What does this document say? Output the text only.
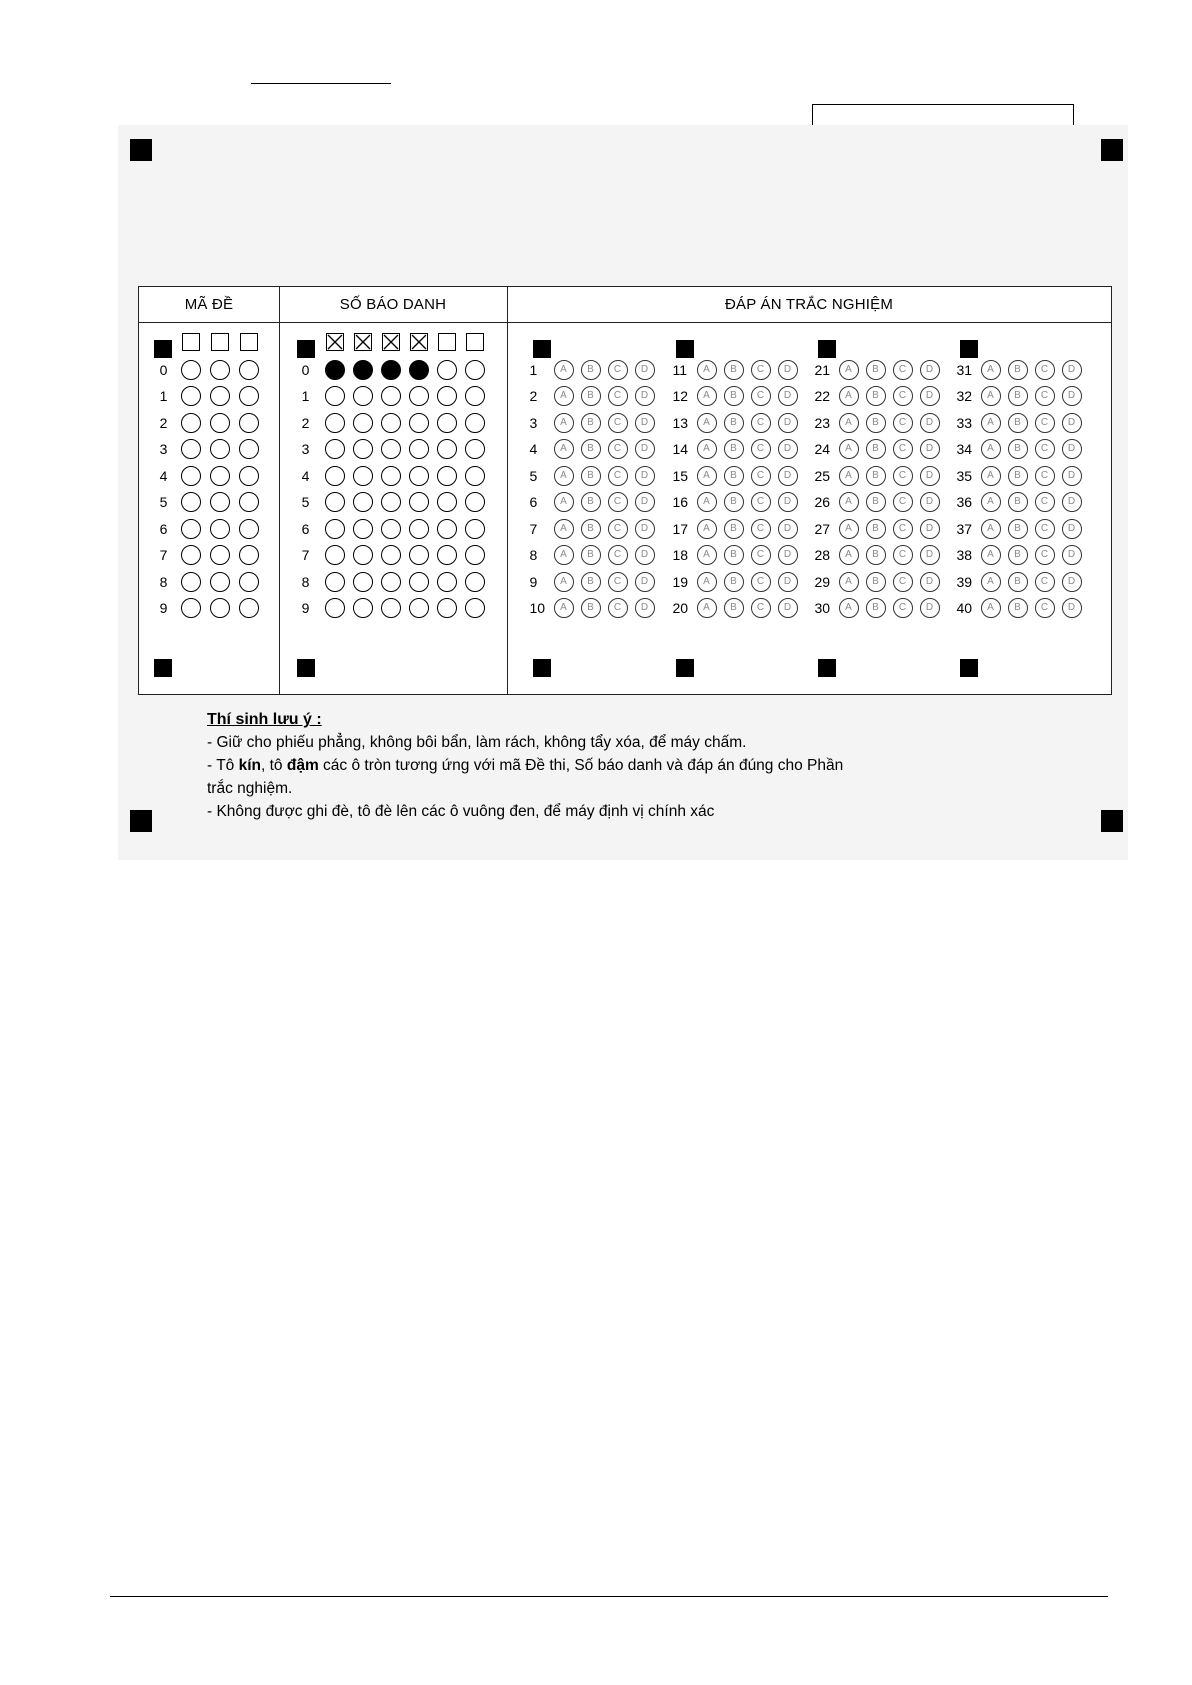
MÃ ĐỀ	SỐ BÁO DANH	ĐÁP ÁN TRẮC NGHIỆM
0
1
2
3
4
5
6
7
8
9
0
1
2
3
4
5
6
7
8
9
1	A	B	C	D
2	A	B	C	D
3	A	B	C	D
4	A	B	C	D
5	A	B	C	D
6	A	B	C	D
7	A	B	C	D
8	A	B	C	D
9	A	B	C	D
10	A	B	C	D
11	A	B	C	D
12	A	B	C	D
13	A	B	C	D
14	A	B	C	D
15	A	B	C	D
16	A	B	C	D
17	A	B	C	D
18	A	B	C	D
19	A	B	C	D
20	A	B	C	D
21	A	B	C	D
22	A	B	C	D
23	A	B	C	D
24	A	B	C	D
25	A	B	C	D
26	A	B	C	D
27	A	B	C	D
28	A	B	C	D
29	A	B	C	D
30	A	B	C	D
31	A	B	C	D
32	A	B	C	D
33	A	B	C	D
34	A	B	C	D
35	A	B	C	D
36	A	B	C	D
37	A	B	C	D
38	A	B	C	D
39	A	B	C	D
40	A	B	C	D
Thí sinh lưu ý :
- Giữ cho phiếu phẳng, không bôi bẩn, làm rách, không tẩy xóa, để máy chấm.
- Tô kín, tô đậm các ô tròn tương ứng với mã Đề thi, Số báo danh và đáp án đúng cho Phần
trắc nghiệm.
- Không được ghi đè, tô đè lên các ô vuông đen, để máy định vị chính xác
